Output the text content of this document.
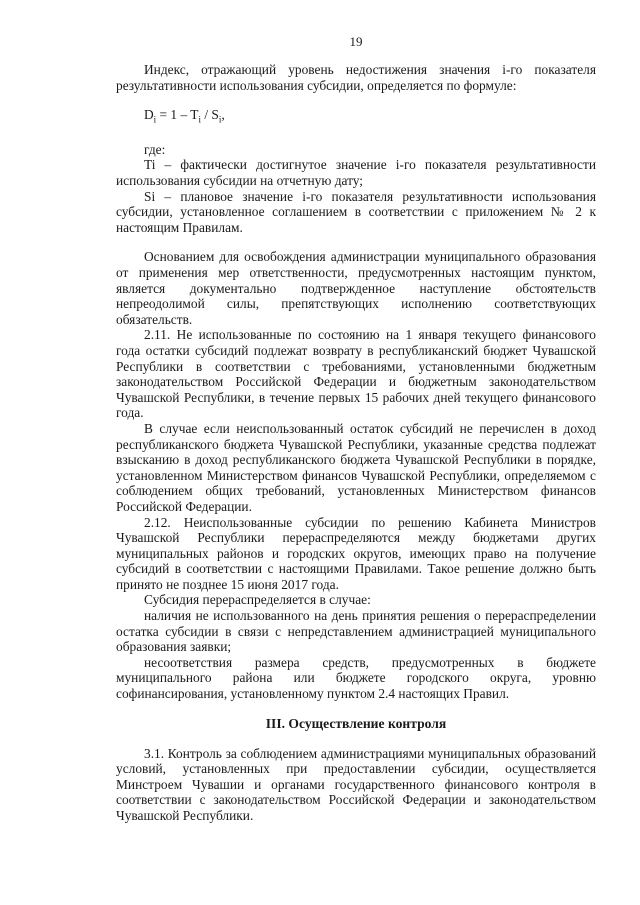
19

Индекс, отражающий уровень недостижения значения i-го показателя результативности использования субсидии, определяется по формуле:

$D_i = 1 - T_i / S_i$,

где:

Ti – фактически достигнутое значение i-го показателя результативности использования субсидии на отчетную дату;

Si – плановое значение i-го показателя результативности использования субсидии, установленное соглашением в соответствии с приложением № 2 к настоящим Правилам.

Основанием для освобождения администрации муниципального образования от применения мер ответственности, предусмотренных настоящим пунктом, является документально подтвержденное наступление обстоятельств непреодолимой силы, препятствующих исполнению соответствующих обязательств.

2.11. Не использованные по состоянию на 1 января текущего финансового года остатки субсидий подлежат возврату в республиканский бюджет Чувашской Республики в соответствии с требованиями, установленными бюджетным законодательством Российской Федерации и бюджетным законодательством Чувашской Республики, в течение первых 15 рабочих дней текущего финансового года.

В случае если неиспользованный остаток субсидий не перечислен в доход республиканского бюджета Чувашской Республики, указанные средства подлежат взысканию в доход республиканского бюджета Чувашской Республики в порядке, установленном Министерством финансов Чувашской Республики, определяемом с соблюдением общих требований, установленных Министерством финансов Российской Федерации.

2.12. Неиспользованные субсидии по решению Кабинета Министров Чувашской Республики перераспределяются между бюджетами других муниципальных районов и городских округов, имеющих право на получение субсидий в соответствии с настоящими Правилами. Такое решение должно быть принято не позднее 15 июня 2017 года.

Субсидия перераспределяется в случае:

наличия не использованного на день принятия решения о перераспределении остатка субсидии в связи с непредставлением администрацией муниципального образования заявки;

несоответствия размера средств, предусмотренных в бюджете муниципального района или бюджете городского округа, уровню софинансирования, установленному пунктом 2.4 настоящих Правил.

III. Осуществление контроля

3.1. Контроль за соблюдением администрациями муниципальных образований условий, установленных при предоставлении субсидии, осуществляется Минстроем Чувашии и органами государственного финансового контроля в соответствии с законодательством Российской Федерации и законодательством Чувашской Республики.
